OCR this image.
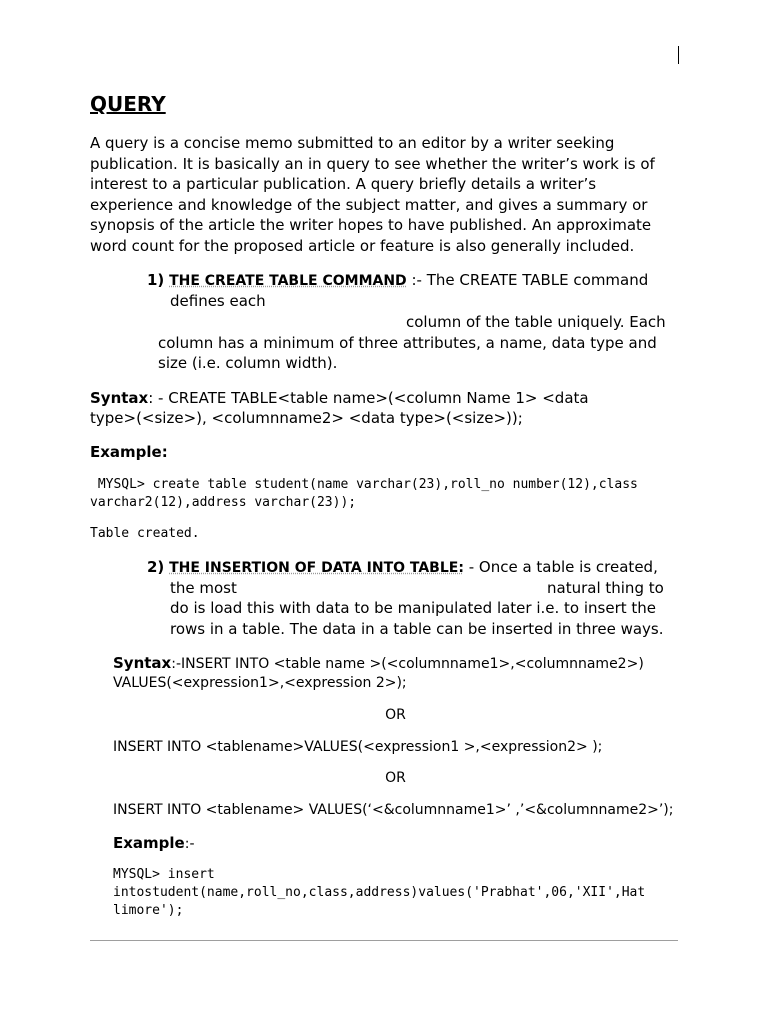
QUERY

A query is a concise memo submitted to an editor by a writer seeking publication. It is basically an in query to see whether the writer’s work is of interest to a particular publication. A query briefly details a writer’s experience and knowledge of the subject matter, and gives a summary or synopsis of the article the writer hopes to have published. An approximate word count for the proposed article or feature is also generally included.

1) THE CREATE TABLE COMMAND :- The CREATE TABLE command
defines each
column of the table uniquely. Each
column has a minimum of three attributes, a name, data type and
size (i.e. column width).
Syntax: - CREATE TABLE<table name>(<column Name 1> <data
type>(<size>), <columnname2> <data type>(<size>));
Example:
MYSQL> create table student(name varchar(23),roll_no number(12),class
varchar2(12),address varchar(23));
Table created.
2) THE INSERTION OF DATA INTO TABLE: - Once a table is created,
the most	natural thing to
do is load this with data to be manipulated later i.e. to insert the
rows in a table. The data in a table can be inserted in three ways.
Syntax:-INSERT INTO <table name >(<columnname1>,<columnname2>)
VALUES(<expression1>,<expression 2>);
OR
INSERT INTO <tablename>VALUES(<expression1 >,<expression2> );
OR
INSERT INTO <tablename> VALUES(‘<&columnname1>’ ,’<&columnname2>’);
Example:-
MYSQL> insert
intostudent(name,roll_no,class,address)values('Prabhat',06,'XII',Hat
limore');
